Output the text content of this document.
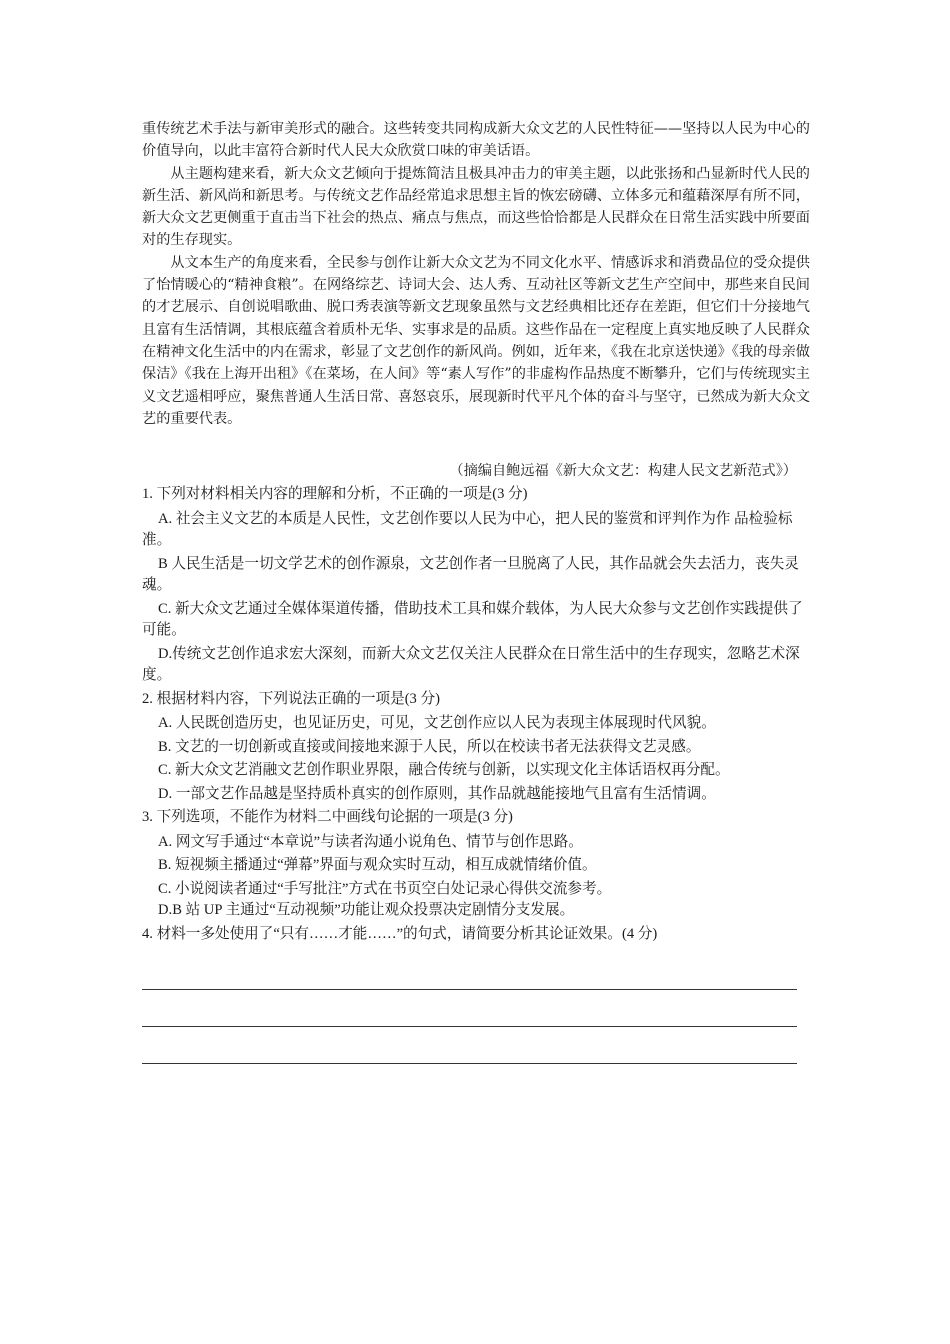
重传统艺术手法与新审美形式的融合。这些转变共同构成新大众文艺的人民性特征——坚持以人民为中心的价值导向，以此丰富符合新时代人民大众欣赏口味的审美话语。

从主题构建来看，新大众文艺倾向于提炼简洁且极具冲击力的审美主题，以此张扬和凸显新时代人民的新生活、新风尚和新思考。与传统文艺作品经常追求思想主旨的恢宏磅礴、立体多元和蕴藉深厚有所不同，新大众文艺更侧重于直击当下社会的热点、痛点与焦点，而这些恰恰都是人民群众在日常生活实践中所要面对的生存现实。

从文本生产的角度来看，全民参与创作让新大众文艺为不同文化水平、情感诉求和消费品位的受众提供了怡情暖心的“精神食粮”。在网络综艺、诗词大会、达人秀、互动社区等新文艺生产空间中，那些来自民间的才艺展示、自创说唱歌曲、脱口秀表演等新文艺现象虽然与文艺经典相比还存在差距，但它们十分接地气且富有生活情调，其根底蕴含着质朴无华、实事求是的品质。这些作品在一定程度上真实地反映了人民群众在精神文化生活中的内在需求，彰显了文艺创作的新风尚。例如，近年来，《我在北京送快递》《我的母亲做保洁》《我在上海开出租》《在菜场，在人间》等“素人写作”的非虚构作品热度不断攀升，它们与传统现实主义文艺遥相呼应，聚焦普通人生活日常、喜怒哀乐，展现新时代平凡个体的奋斗与坚守，已然成为新大众文艺的重要代表。

（摘编自鲍远福《新大众文艺：构建人民文艺新范式》）
1. 下列对材料相关内容的理解和分析，不正确的一项是(3 分)
A. 社会主义文艺的本质是人民性，文艺创作要以人民为中心，把人民的鉴赏和评判作为作 品检验标准。
B 人民生活是一切文学艺术的创作源泉，文艺创作者一旦脱离了人民，其作品就会失去活力，丧失灵魂。
C. 新大众文艺通过全媒体渠道传播，借助技术工具和媒介载体，为人民大众参与文艺创作实践提供了可能。
D.传统文艺创作追求宏大深刻，而新大众文艺仅关注人民群众在日常生活中的生存现实，忽略艺术深度。
2. 根据材料内容，下列说法正确的一项是(3 分)
A. 人民既创造历史，也见证历史，可见，文艺创作应以人民为表现主体展现时代风貌。
B. 文艺的一切创新或直接或间接地来源于人民，所以在校读书者无法获得文艺灵感。
C. 新大众文艺消融文艺创作职业界限，融合传统与创新，以实现文化主体话语权再分配。
D. 一部文艺作品越是坚持质朴真实的创作原则，其作品就越能接地气且富有生活情调。
3. 下列选项，不能作为材料二中画线句论据的一项是(3 分)
A. 网文写手通过“本章说”与读者沟通小说角色、情节与创作思路。
B. 短视频主播通过“弹幕”界面与观众实时互动，相互成就情绪价值。
C. 小说阅读者通过“手写批注”方式在书页空白处记录心得供交流参考。
D.B 站 UP 主通过“互动视频”功能让观众投票决定剧情分支发展。
4. 材料一多处使用了“只有……才能……”的句式，请简要分析其论证效果。(4 分)
